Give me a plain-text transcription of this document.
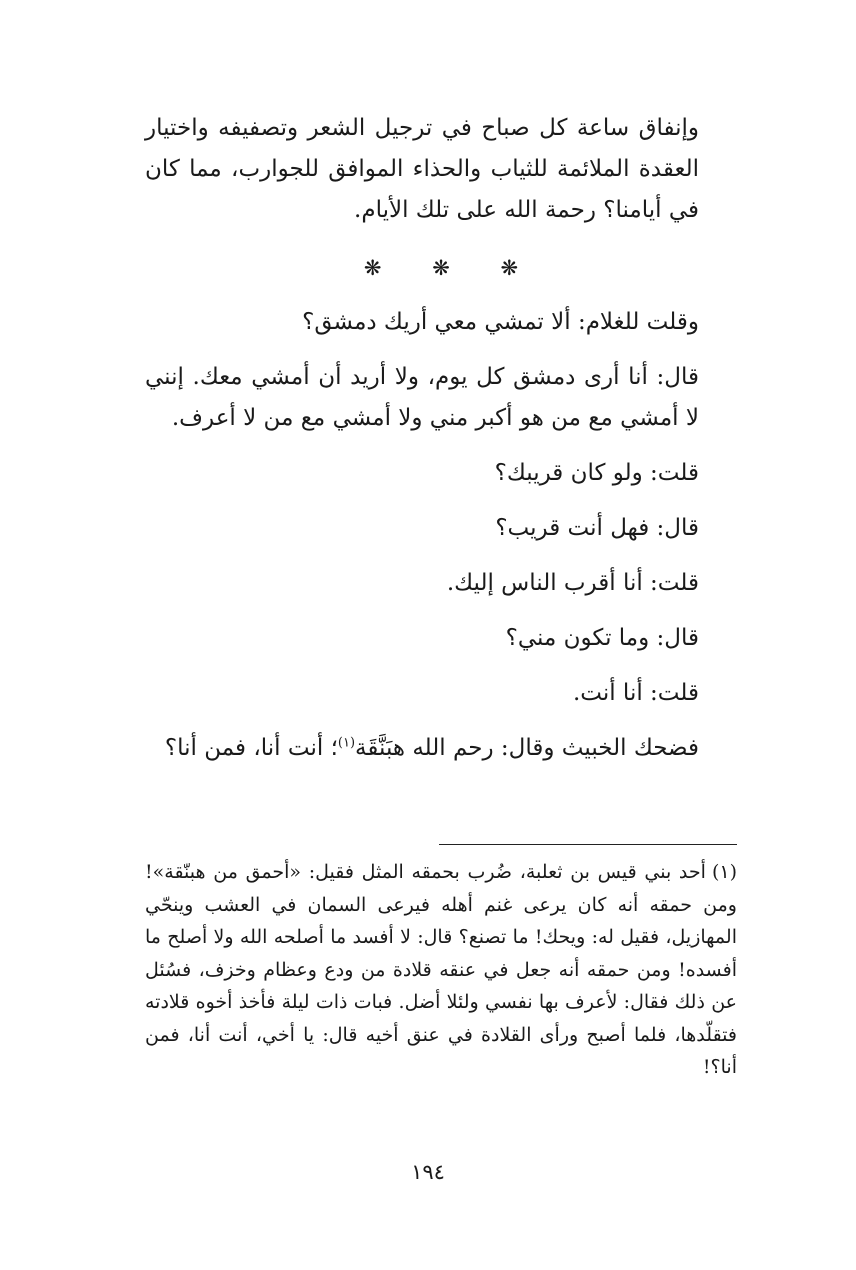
وإنفاق ساعة كل صباح في ترجيل الشعر وتصفيفه واختيار العقدة الملائمة للثياب والحذاء الموافق للجوارب، مما كان في أيامنا؟ رحمة الله على تلك الأيام.

❋ ❋ ❋

وقلت للغلام: ألا تمشي معي أريك دمشق؟

قال: أنا أرى دمشق كل يوم، ولا أريد أن أمشي معك. إنني لا أمشي مع من هو أكبر مني ولا أمشي مع من لا أعرف.

قلت: ولو كان قريبك؟

قال: فهل أنت قريب؟

قلت: أنا أقرب الناس إليك.

قال: وما تكون مني؟

قلت: أنا أنت.

فضحك الخبيث وقال: رحم الله هبَنَّقَة$^{(١)}$؛ أنت أنا، فمن أنا؟

(١)أحد بني قيس بن ثعلبة، ضُرب بحمقه المثل فقيل: «أحمق من هبنّقة»! ومن حمقه أنه كان يرعى غنم أهله فيرعى السمان في العشب وينحّي المهازيل، فقيل له: ويحك! ما تصنع؟ قال: لا أفسد ما أصلحه الله ولا أصلح ما أفسده! ومن حمقه أنه جعل في عنقه قلادة من ودع وعظام وخزف، فسُئل عن ذلك فقال: لأعرف بها نفسي ولئلا أضل. فبات ذات ليلة فأخذ أخوه قلادته فتقلّدها، فلما أصبح ورأى القلادة في عنق أخيه قال: يا أخي، أنت أنا، فمن أنا؟!
١٩٤
